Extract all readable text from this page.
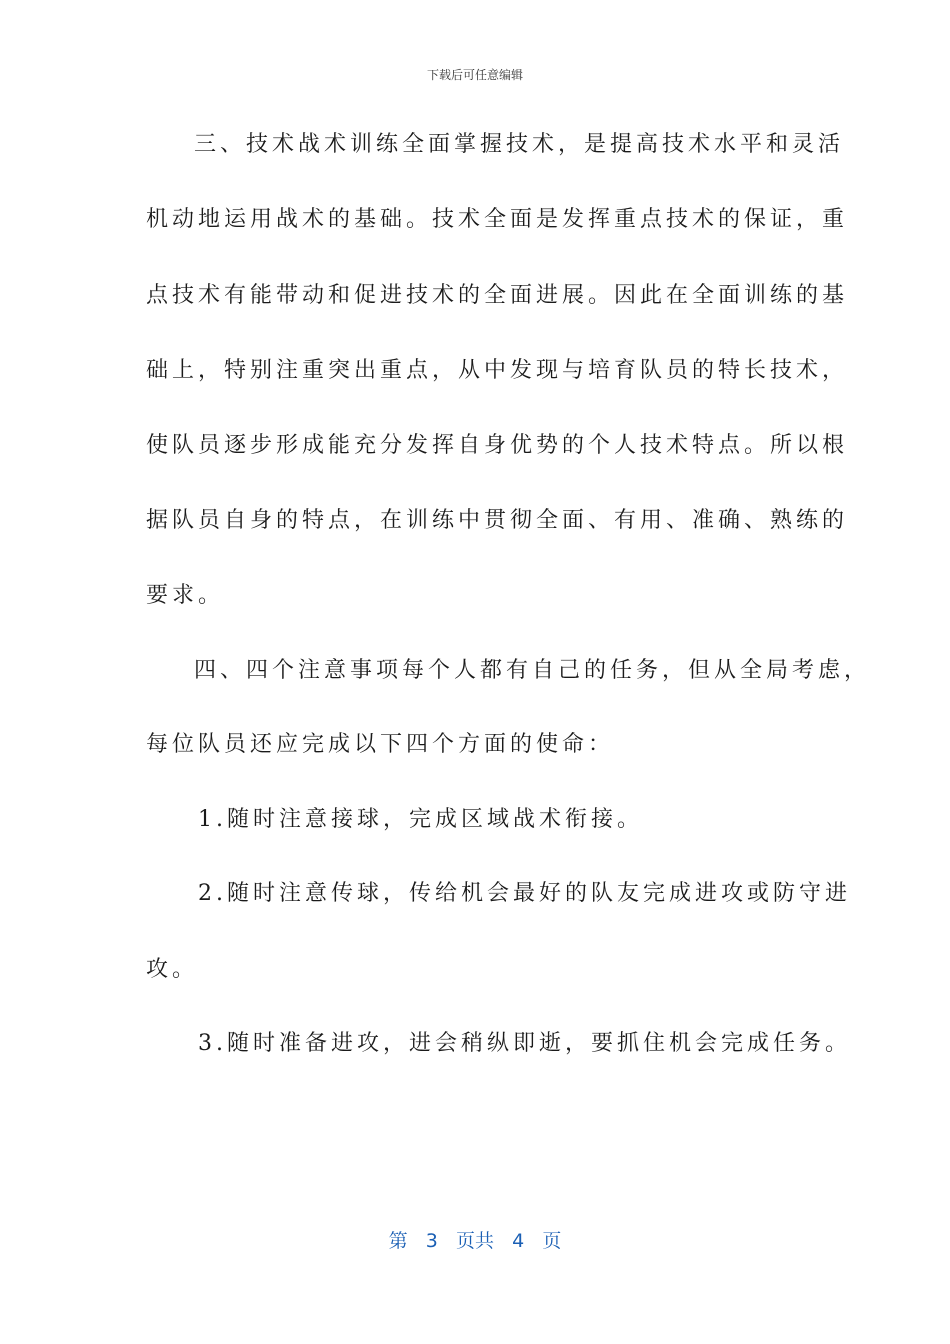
下载后可任意编辑
三、技术战术训练全面掌握技术，是提高技术水平和灵活
机动地运用战术的基础。技术全面是发挥重点技术的保证，重
点技术有能带动和促进技术的全面进展。因此在全面训练的基
础上，特别注重突出重点，从中发现与培育队员的特长技术，
使队员逐步形成能充分发挥自身优势的个人技术特点。所以根
据队员自身的特点，在训练中贯彻全面、有用、准确、熟练的
要求。
四、四个注意事项每个人都有自己的任务，但从全局考虑，
每位队员还应完成以下四个方面的使命：
1.随时注意接球，完成区域战术衔接。
2.随时注意传球，传给机会最好的队友完成进攻或防守进
攻。
3.随时准备进攻，进会稍纵即逝，要抓住机会完成任务。
第 3 页共 4 页
